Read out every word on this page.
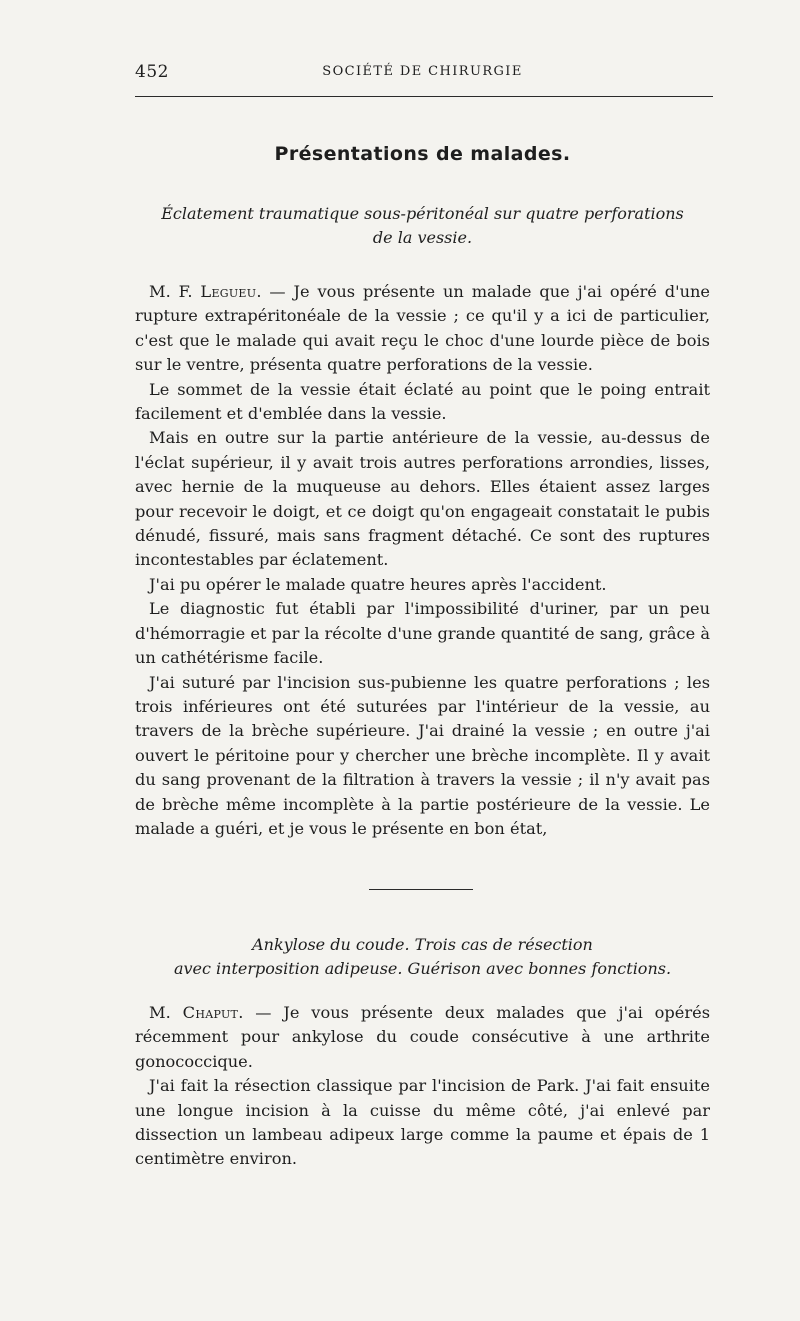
452	SOCIÉTÉ DE CHIRURGIE
Présentations de malades.
Éclatement traumatique sous-péritonéal sur quatre perforations
de la vessie.

M. F. Legueu. — Je vous présente un malade que j'ai opéré d'une rupture extrapéritonéale de la vessie ; ce qu'il y a ici de particulier, c'est que le malade qui avait reçu le choc d'une lourde pièce de bois sur le ventre, présenta quatre perforations de la vessie.

Le sommet de la vessie était éclaté au point que le poing entrait facilement et d'emblée dans la vessie.

Mais en outre sur la partie antérieure de la vessie, au-dessus de l'éclat supérieur, il y avait trois autres perforations arrondies, lisses, avec hernie de la muqueuse au dehors. Elles étaient assez larges pour recevoir le doigt, et ce doigt qu'on engageait constatait le pubis dénudé, fissuré, mais sans fragment détaché. Ce sont des ruptures incontestables par éclatement.

J'ai pu opérer le malade quatre heures après l'accident.

Le diagnostic fut établi par l'impossibilité d'uriner, par un peu d'hémorragie et par la récolte d'une grande quantité de sang, grâce à un cathétérisme facile.

J'ai suturé par l'incision sus-pubienne les quatre perforations ; les trois inférieures ont été suturées par l'intérieur de la vessie, au travers de la brèche supérieure. J'ai drainé la vessie ; en outre j'ai ouvert le péritoine pour y chercher une brèche incomplète. Il y avait du sang provenant de la filtration à travers la vessie ; il n'y avait pas de brèche même incomplète à la partie postérieure de la vessie. Le malade a guéri, et je vous le présente en bon état,

Ankylose du coude. Trois cas de résection
avec interposition adipeuse. Guérison avec bonnes fonctions.

M. Chaput. — Je vous présente deux malades que j'ai opérés récemment pour ankylose du coude consécutive à une arthrite gonococcique.

J'ai fait la résection classique par l'incision de Park. J'ai fait ensuite une longue incision à la cuisse du même côté, j'ai enlevé par dissection un lambeau adipeux large comme la paume et épais de 1 centimètre environ.
